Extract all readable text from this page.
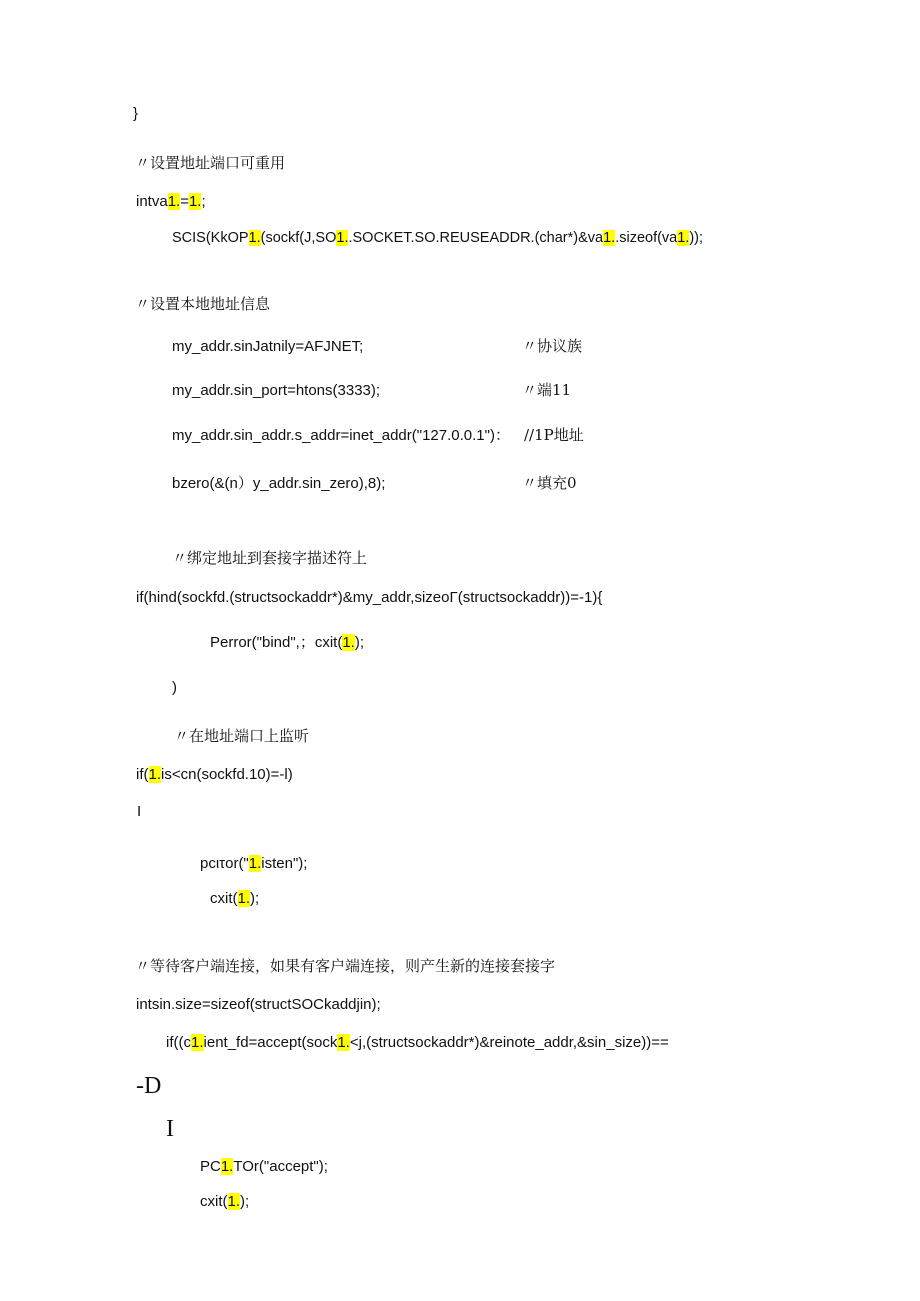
}
〃设置地址端口可重用
intva1.=1.;
SCIS(KkOP1.(sockf(J,SO1..SOCKET.SO.REUSEADDR.(char*)&va1..sizeof(va1.));
〃设置本地地址信息
my_addr.sinJatnily=AFJNET;	〃协议族
my_addr.sin_port=htons(3333);	〃端11
my_addr.sin_addr.s_addr=inet_addr("127.0.0.1")： //1P地址
bzero(&(n）y_addr.sin_zero),8);	〃填充0
〃绑定地址到套接字描述符上
if(hind(sockfd.(structsockaddr*)&my_addr,sizeoΓ(structsockaddr))=-1){
Perror("bind",；cxit(1.);
)
〃在地址端口上监听
if(1.is<cn(sockfd.10)=-l)
I
pcιτor("1.isten");
cxit(1.);
〃等待客户端连接，如果有客户端连接，则产生新的连接套接字
intsin.size=sizeof(structSOCkaddjin);
if((c1.ient_fd=accept(sock1.<j,(structsockaddr*)&reinote_addr,&sin_size))==
-D
I
PC1.TOr("accept");
cxit(1.);
